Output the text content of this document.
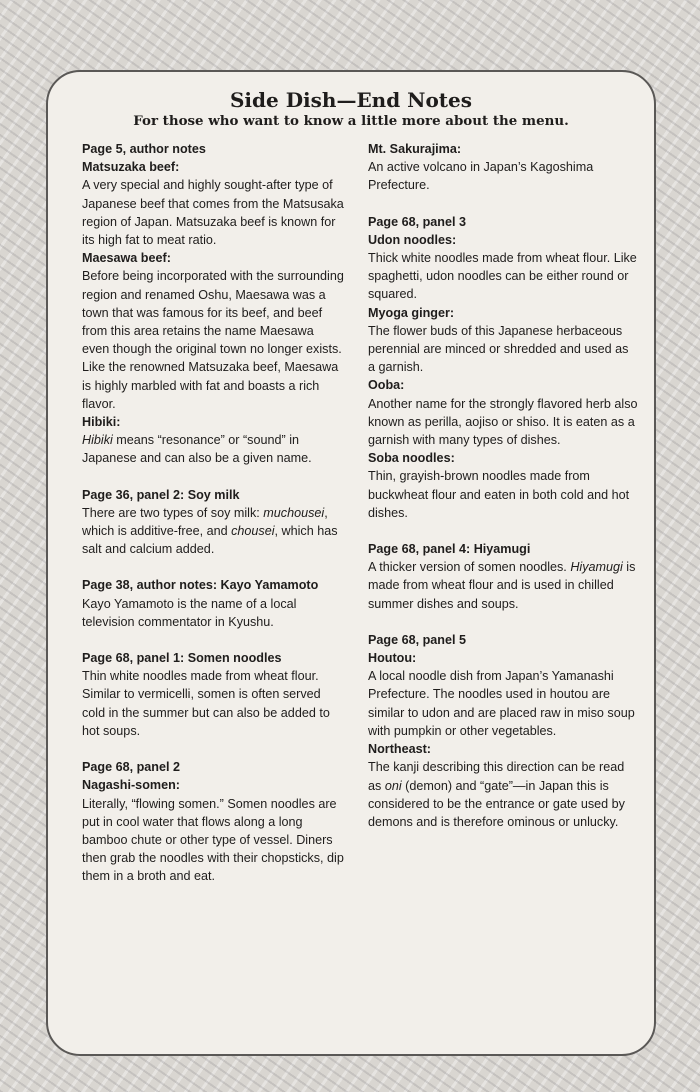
Side Dish—End Notes

For those who want to know a little more about the menu.

Page 5, author notes
Matsuzaka beef:
A very special and highly sought-after type of Japanese beef that comes from the Matsusaka region of Japan. Matsuzaka beef is known for its high fat to meat ratio.
Maesawa beef:
Before being incorporated with the surrounding region and renamed Oshu, Maesawa was a town that was famous for its beef, and beef from this area retains the name Maesawa even though the original town no longer exists. Like the renowned Matsuzaka beef, Maesawa is highly marbled with fat and boasts a rich flavor.
Hibiki:
Hibiki means “resonance” or “sound” in Japanese and can also be a given name.
Page 36, panel 2: Soy milk
There are two types of soy milk: muchousei, which is additive-free, and chousei, which has salt and calcium added.
Page 38, author notes: Kayo Yamamoto
Kayo Yamamoto is the name of a local television commentator in Kyushu.
Page 68, panel 1: Somen noodles
Thin white noodles made from wheat flour. Similar to vermicelli, somen is often served cold in the summer but can also be added to hot soups.
Page 68, panel 2
Nagashi-somen:
Literally, “flowing somen.” Somen noodles are put in cool water that flows along a long bamboo chute or other type of vessel. Diners then grab the noodles with their chopsticks, dip them in a broth and eat.
Mt. Sakurajima:
An active volcano in Japan’s Kagoshima Prefecture.
Page 68, panel 3
Udon noodles:
Thick white noodles made from wheat flour. Like spaghetti, udon noodles can be either round or squared.
Myoga ginger:
The flower buds of this Japanese herbaceous perennial are minced or shredded and used as a garnish.
Ooba:
Another name for the strongly flavored herb also known as perilla, aojiso or shiso. It is eaten as a garnish with many types of dishes.
Soba noodles:
Thin, grayish-brown noodles made from buckwheat flour and eaten in both cold and hot dishes.
Page 68, panel 4: Hiyamugi
A thicker version of somen noodles. Hiyamugi is made from wheat flour and is used in chilled summer dishes and soups.
Page 68, panel 5
Houtou:
A local noodle dish from Japan’s Yamanashi Prefecture. The noodles used in houtou are similar to udon and are placed raw in miso soup with pumpkin or other vegetables.
Northeast:
The kanji describing this direction can be read as oni (demon) and “gate”—in Japan this is considered to be the entrance or gate used by demons and is therefore ominous or unlucky.
